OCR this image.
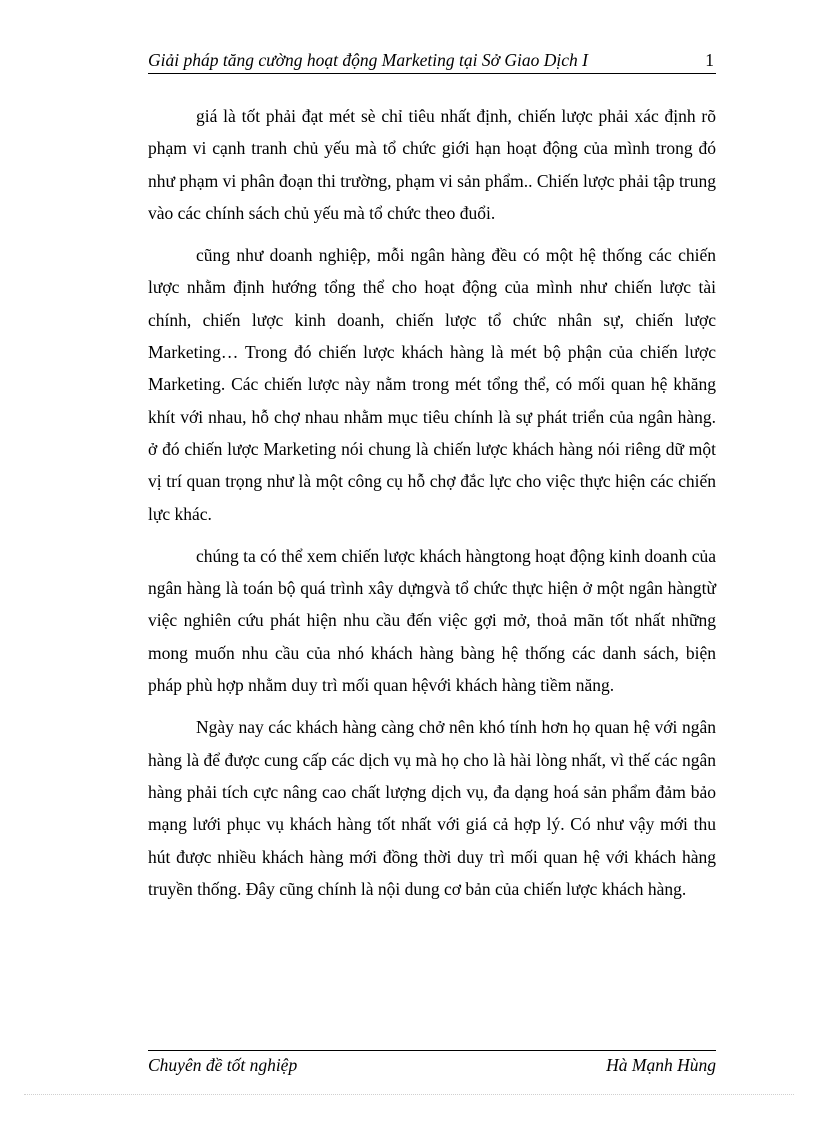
Giải pháp tăng cường hoạt động Marketing tại Sở Giao Dịch I	1

giá là tốt phải đạt mét sè chỉ tiêu nhất định, chiến lược phải xác định rõ phạm vi cạnh tranh chủ yếu mà tổ chức giới hạn hoạt động của mình trong đó như phạm vi phân đoạn thi trường, phạm vi sản phẩm.. Chiến lược phải tập trung vào các chính sách chủ yếu mà tổ chức theo đuổi.

cũng như doanh nghiệp, mỗi ngân hàng đều có một hệ thống các chiến lược nhằm định hướng tổng thể cho hoạt động của mình như chiến lược tài chính, chiến lược kinh doanh, chiến lược tổ chức nhân sự, chiến lược Marketing… Trong đó chiến lược khách hàng là mét bộ phận của chiến lược Marketing. Các chiến lược này nằm trong mét tổng thể, có mối quan hệ khăng khít với nhau, hỗ chợ nhau nhằm mục tiêu chính là sự phát triển của ngân hàng. ở đó chiến lược Marketing nói chung là chiến lược khách hàng nói riêng dữ một vị trí quan trọng như là một công cụ hỗ chợ đắc lực cho việc thực hiện các chiến lực khác.

chúng ta có thể xem chiến lược khách hàngtong hoạt động kinh doanh của ngân hàng là toán bộ quá trình xây dựngvà tổ chức thực hiện ở một ngân hàngtừ việc nghiên cứu phát hiện nhu cầu đến việc gợi mở, thoả mãn tốt nhất những mong muốn nhu cầu của nhó khách hàng bàng hệ thống các danh sách, biện pháp phù hợp nhằm duy trì mối quan hệvới khách hàng tiềm năng.

Ngày nay các khách hàng càng chở nên khó tính hơn họ quan hệ với ngân hàng là để được cung cấp các dịch vụ mà họ cho là hài lòng nhất, vì thế các ngân hàng phải tích cực nâng cao chất lượng dịch vụ, đa dạng hoá sản phẩm đảm bảo mạng lưới phục vụ khách hàng tốt nhất với giá cả hợp lý. Có như vậy mới thu hút được nhiều khách hàng mới đồng thời duy trì mối quan hệ với khách hàng truyền thống. Đây cũng chính là nội dung cơ bản của chiến lược khách hàng.

Chuyên đề tốt nghiệp	Hà Mạnh Hùng
